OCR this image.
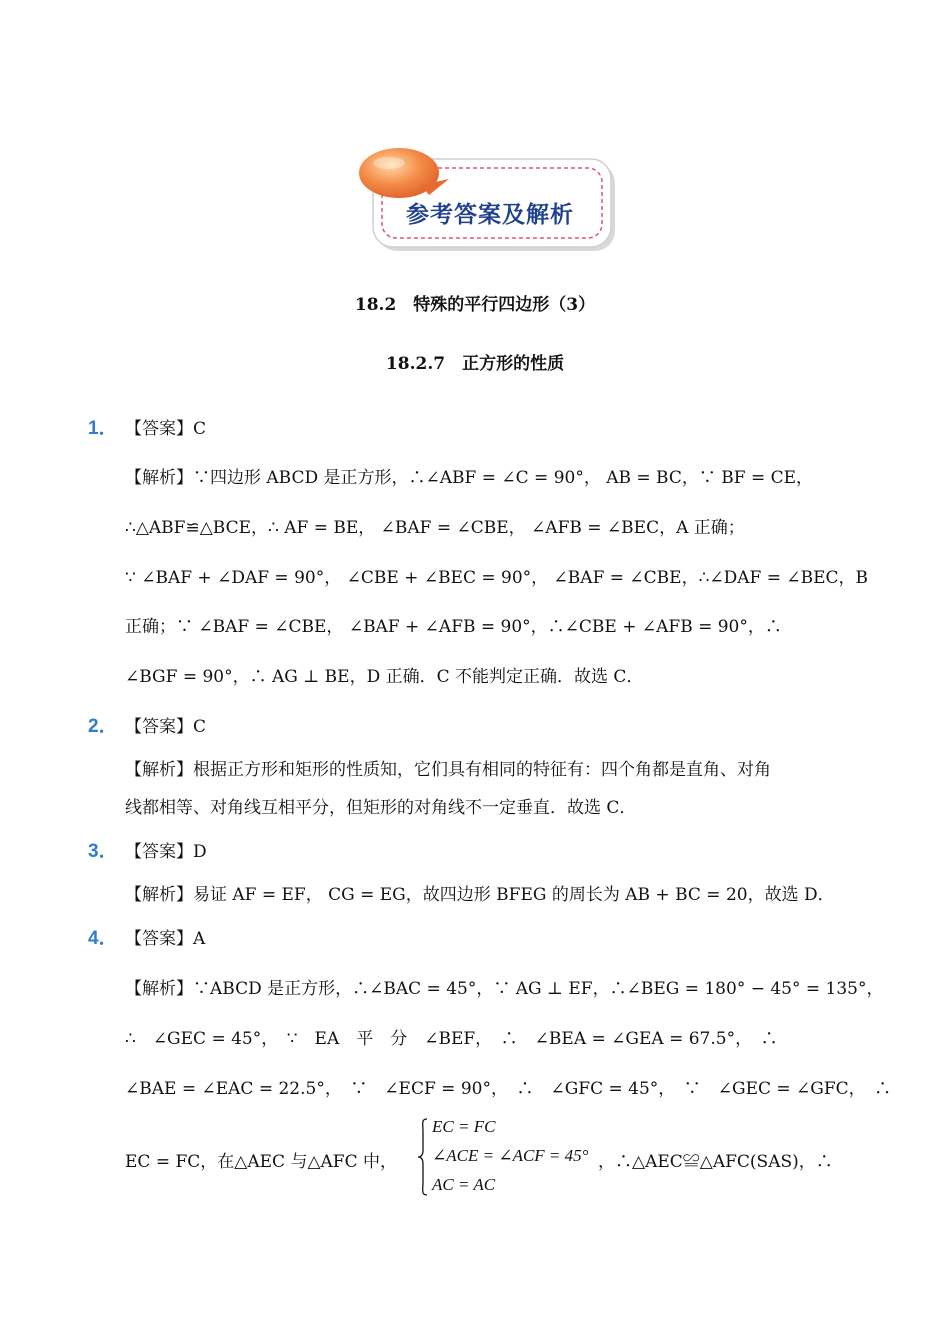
参考答案及解析
18.2　特殊的平行四边形（3）
18.2.7　正方形的性质
1． 【答案】C
【解析】∵四边形 ABCD 是正方形，∴∠ABF = ∠C = 90°， AB = BC，∵ BF = CE，
∴△ABF≌△BCE，∴ AF = BE， ∠BAF = ∠CBE， ∠AFB = ∠BEC，A 正确；
∵ ∠BAF + ∠DAF = 90°， ∠CBE + ∠BEC = 90°， ∠BAF = ∠CBE，∴∠DAF = ∠BEC，B
正确；∵ ∠BAF = ∠CBE， ∠BAF + ∠AFB = 90°，∴∠CBE + ∠AFB = 90°，∴
∠BGF = 90°，∴ AG ⊥ BE，D 正确．C 不能判定正确．故选 C．
2． 【答案】C
【解析】根据正方形和矩形的性质知，它们具有相同的特征有：四个角都是直角、对角
线都相等、对角线互相平分，但矩形的对角线不一定垂直．故选 C．
3． 【答案】D
【解析】易证 AF = EF， CG = EG，故四边形 BFEG 的周长为 AB + BC = 20，故选 D．
4． 【答案】A
【解析】∵ABCD 是正方形，∴∠BAC = 45°，∵ AG ⊥ EF，∴∠BEG = 180° − 45° = 135°，
∴　∠GEC = 45°，　∵　EA　平　分　∠BEF，　∴　∠BEA = ∠GEA = 67.5°，　∴
∠BAE = ∠EAC = 22.5°，　∵　∠ECF = 90°，　∴　∠GFC = 45°，　∵　∠GEC = ∠GFC，　∴
EC = FC，在△AEC 与△AFC 中，
EC = FC
∠ACE = ∠ACF = 45°
AC = AC
，∴△AEC≌△AFC(SAS)，∴
